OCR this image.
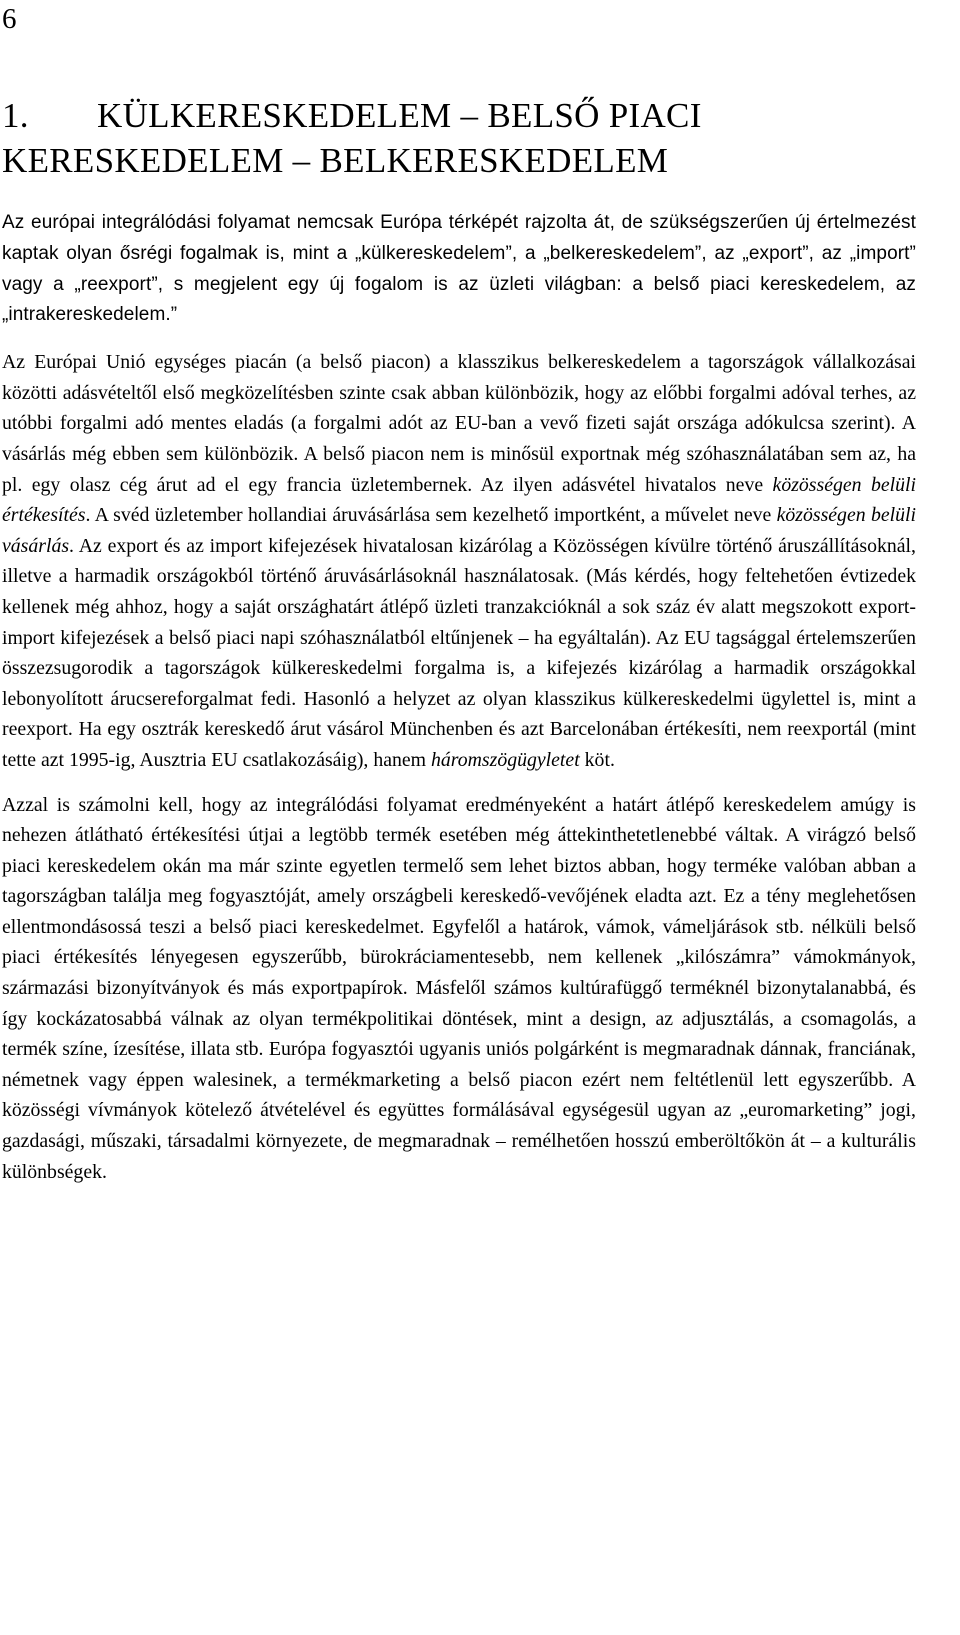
6
1. KÜLKERESKEDELEM – BELSŐ PIACI
KERESKEDELEM – BELKERESKEDELEM

Az európai integrálódási folyamat nemcsak Európa térképét rajzolta át, de szükségszerűen új értelmezést kaptak olyan ősrégi fogalmak is, mint a „külkereskedelem”, a „belkereskedelem”, az „export”, az „import” vagy a „reexport”, s megjelent egy új fogalom is az üzleti világban: a belső piaci kereskedelem, az „intrakereskedelem.”

Az Európai Unió egységes piacán (a belső piacon) a klasszikus belkereskedelem a tagországok vállalkozásai közötti adásvételtől első megközelítésben szinte csak abban különbözik, hogy az előbbi forgalmi adóval terhes, az utóbbi forgalmi adó mentes eladás (a forgalmi adót az EU-ban a vevő fizeti saját országa adókulcsa szerint). A vásárlás még ebben sem különbözik. A belső piacon nem is minősül exportnak még szóhasználatában sem az, ha pl. egy olasz cég árut ad el egy francia üzletembernek. Az ilyen adásvétel hivatalos neve közösségen belüli értékesítés. A svéd üzletember hollandiai áruvásárlása sem kezelhető importként, a művelet neve közösségen belüli vásárlás. Az export és az import kifejezések hivatalosan kizárólag a Közösségen kívülre történő áruszállításoknál, illetve a harmadik országokból történő áruvásárlásoknál használatosak. (Más kérdés, hogy feltehetően évtizedek kellenek még ahhoz, hogy a saját országhatárt átlépő üzleti tranzakcióknál a sok száz év alatt megszokott export-import kifejezések a belső piaci napi szóhasználatból eltűnjenek – ha egyáltalán). Az EU tagsággal értelemszerűen összezsugorodik a tagországok külkereskedelmi forgalma is, a kifejezés kizárólag a harmadik országokkal lebonyolított árucsereforgalmat fedi. Hasonló a helyzet az olyan klasszikus külkereskedelmi ügylettel is, mint a reexport. Ha egy osztrák kereskedő árut vásárol Münchenben és azt Barcelonában értékesíti, nem reexportál (mint tette azt 1995-ig, Ausztria EU csatlakozásáig), hanem háromszögügyletet köt.

Azzal is számolni kell, hogy az integrálódási folyamat eredményeként a határt átlépő kereskedelem amúgy is nehezen átlátható értékesítési útjai a legtöbb termék esetében még áttekinthetetlenebbé váltak. A virágzó belső piaci kereskedelem okán ma már szinte egyetlen termelő sem lehet biztos abban, hogy terméke valóban abban a tagországban találja meg fogyasztóját, amely országbeli kereskedő-vevőjének eladta azt. Ez a tény meglehetősen ellentmondásossá teszi a belső piaci kereskedelmet. Egyfelől a határok, vámok, vámeljárások stb. nélküli belső piaci értékesítés lényegesen egyszerűbb, bürokráciamentesebb, nem kellenek „kilószámra” vámokmányok, származási bizonyítványok és más exportpapírok. Másfelől számos kultúrafüggő terméknél bizonytalanabbá, és így kockázatosabbá válnak az olyan termékpolitikai döntések, mint a design, az adjusztálás, a csomagolás, a termék színe, ízesítése, illata stb. Európa fogyasztói ugyanis uniós polgárként is megmaradnak dánnak, franciának, németnek vagy éppen walesinek, a termékmarketing a belső piacon ezért nem feltétlenül lett egyszerűbb. A közösségi vívmányok kötelező átvételével és együttes formálásával egységesül ugyan az „euromarketing” jogi, gazdasági, műszaki, társadalmi környezete, de megmaradnak – remélhetően hosszú emberöltőkön át – a kulturális különbségek.
